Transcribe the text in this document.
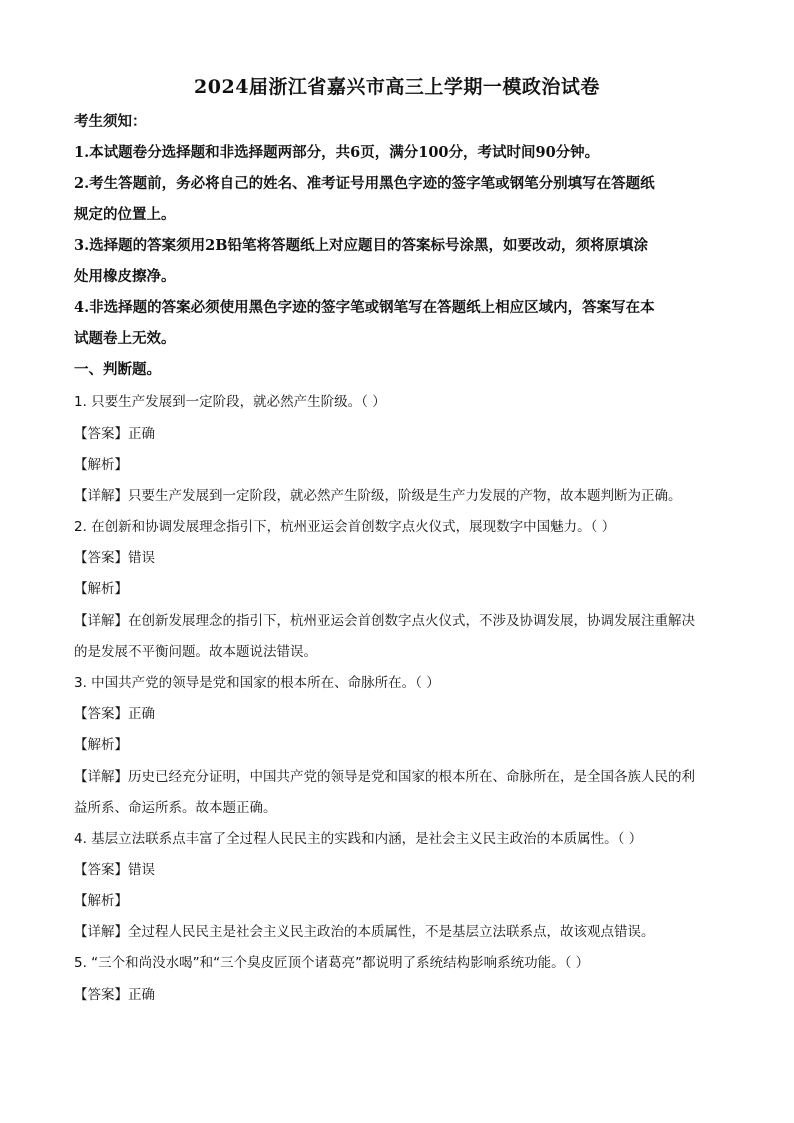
2024届浙江省嘉兴市高三上学期一模政治试卷
考生须知：
1.本试题卷分选择题和非选择题两部分，共6页，满分100分，考试时间90分钟。
2.考生答题前，务必将自己的姓名、准考证号用黑色字迹的签字笔或钢笔分别填写在答题纸
规定的位置上。
3.选择题的答案须用2B铅笔将答题纸上对应题目的答案标号涂黑，如要改动，须将原填涂
处用橡皮擦净。
4.非选择题的答案必须使用黑色字迹的签字笔或钢笔写在答题纸上相应区域内，答案写在本
试题卷上无效。
一、判断题。
1. 只要生产发展到一定阶段，就必然产生阶级。（ ）
【答案】正确
【解析】
【详解】只要生产发展到一定阶段，就必然产生阶级，阶级是生产力发展的产物，故本题判断为正确。
2. 在创新和协调发展理念指引下，杭州亚运会首创数字点火仪式，展现数字中国魅力。（ ）
【答案】错误
【解析】
【详解】在创新发展理念的指引下，杭州亚运会首创数字点火仪式，不涉及协调发展，协调发展注重解决
的是发展不平衡问题。故本题说法错误。
3. 中国共产党的领导是党和国家的根本所在、命脉所在。（ ）
【答案】正确
【解析】
【详解】历史已经充分证明，中国共产党的领导是党和国家的根本所在、命脉所在，是全国各族人民的利
益所系、命运所系。故本题正确。
4. 基层立法联系点丰富了全过程人民民主的实践和内涵，是社会主义民主政治的本质属性。（ ）
【答案】错误
【解析】
【详解】全过程人民民主是社会主义民主政治的本质属性，不是基层立法联系点，故该观点错误。
5. “三个和尚没水喝”和“三个臭皮匠顶个诸葛亮”都说明了系统结构影响系统功能。（ ）
【答案】正确
